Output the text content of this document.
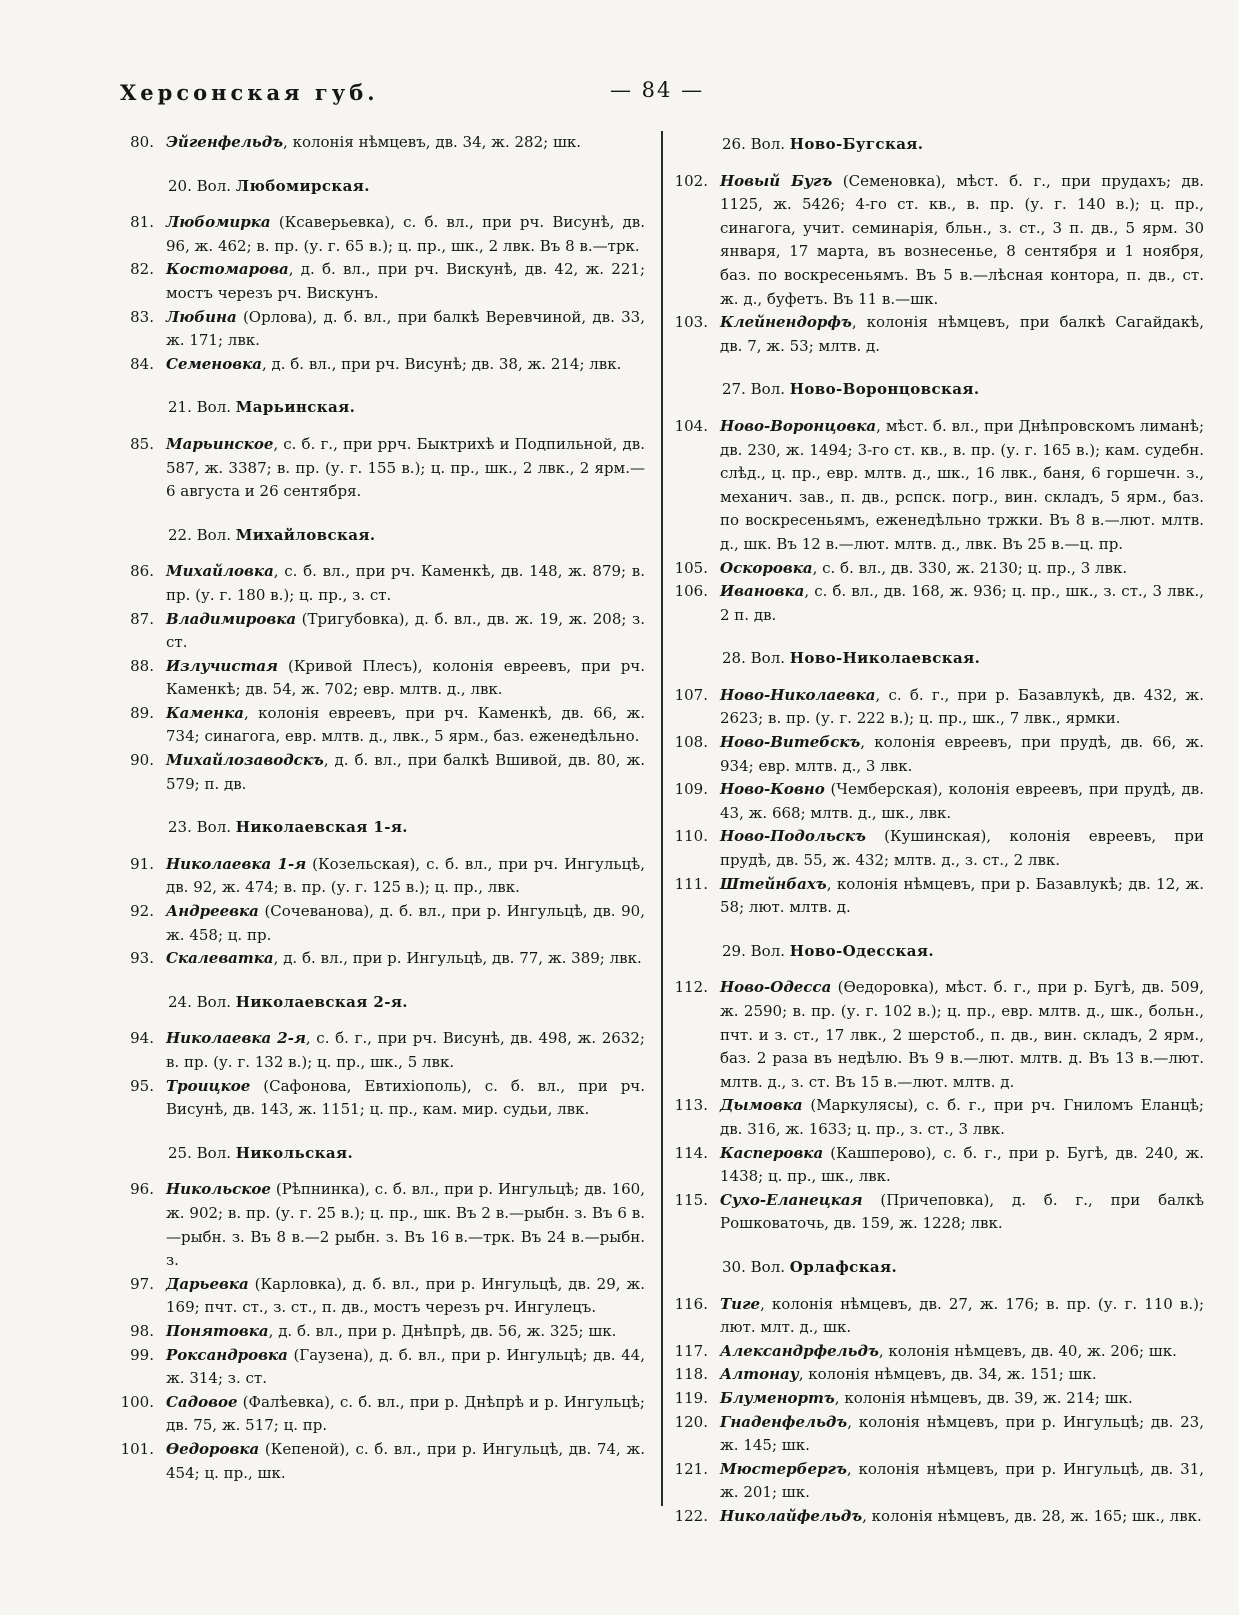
Херсонская губ.	— 84 —

80. Эйгенфельдъ, колонія нѣмцевъ, дв. 34, ж. 282; шк.

20. Вол. Любомирская.

81. Любомирка (Ксаверьевка), с. б. вл., при рч. Висунѣ, дв. 96, ж. 462; в. пр. (у. г. 65 в.); ц. пр., шк., 2 лвк. Въ 8 в.—трк.

82. Костомарова, д. б. вл., при рч. Вискунѣ, дв. 42, ж. 221; мостъ черезъ рч. Вискунъ.

83. Любина (Орлова), д. б. вл., при балкѣ Веревчиной, дв. 33, ж. 171; лвк.

84. Семеновка, д. б. вл., при рч. Висунѣ; дв. 38, ж. 214; лвк.

21. Вол. Марьинская.

85. Марьинское, с. б. г., при ррч. Быктрихѣ и Подпильной, дв. 587, ж. 3387; в. пр. (у. г. 155 в.); ц. пр., шк., 2 лвк., 2 ярм.—6 августа и 26 сентября.

22. Вол. Михайловская.

86. Михайловка, с. б. вл., при рч. Каменкѣ, дв. 148, ж. 879; в. пр. (у. г. 180 в.); ц. пр., з. ст.

87. Владимировка (Тригубовка), д. б. вл., дв. ж. 19, ж. 208; з. ст.

88. Излучистая (Кривой Плесъ), колонія евреевъ, при рч. Каменкѣ; дв. 54, ж. 702; евр. млтв. д., лвк.

89. Каменка, колонія евреевъ, при рч. Каменкѣ, дв. 66, ж. 734; синагога, евр. млтв. д., лвк., 5 ярм., баз. еженедѣльно.

90. Михайлозаводскъ, д. б. вл., при балкѣ Вшивой, дв. 80, ж. 579; п. дв.

23. Вол. Николаевская 1-я.

91. Николаевка 1-я (Козельская), с. б. вл., при рч. Ингульцѣ, дв. 92, ж. 474; в. пр. (у. г. 125 в.); ц. пр., лвк.

92. Андреевка (Сочеванова), д. б. вл., при р. Ингульцѣ, дв. 90, ж. 458; ц. пр.

93. Скалеватка, д. б. вл., при р. Ингульцѣ, дв. 77, ж. 389; лвк.

24. Вол. Николаевская 2-я.

94. Николаевка 2-я, с. б. г., при рч. Висунѣ, дв. 498, ж. 2632; в. пр. (у. г. 132 в.); ц. пр., шк., 5 лвк.

95. Троицкое (Сафонова, Евтихіополь), с. б. вл., при рч. Висунѣ, дв. 143, ж. 1151; ц. пр., кам. мир. судьи, лвк.

25. Вол. Никольская.

96. Никольское (Рѣпнинка), с. б. вл., при р. Ингульцѣ; дв. 160, ж. 902; в. пр. (у. г. 25 в.); ц. пр., шк. Въ 2 в.—рыбн. з. Въ 6 в.—рыбн. з. Въ 8 в.—2 рыбн. з. Въ 16 в.—трк. Въ 24 в.—рыбн. з.

97. Дарьевка (Карловка), д. б. вл., при р. Ингульцѣ, дв. 29, ж. 169; пчт. ст., з. ст., п. дв., мостъ черезъ рч. Ингулецъ.

98. Понятовка, д. б. вл., при р. Днѣпрѣ, дв. 56, ж. 325; шк.

99. Роксандровка (Гаузена), д. б. вл., при р. Ингульцѣ; дв. 44, ж. 314; з. ст.

100. Садовое (Фалѣевка), с. б. вл., при р. Днѣпрѣ и р. Ингульцѣ; дв. 75, ж. 517; ц. пр.

101. Ѳедоровка (Кепеной), с. б. вл., при р. Ингульцѣ, дв. 74, ж. 454; ц. пр., шк.

26. Вол. Ново-Бугская.

102. Новый Бугъ (Семеновка), мѣст. б. г., при прудахъ; дв. 1125, ж. 5426; 4-го ст. кв., в. пр. (у. г. 140 в.); ц. пр., синагога, учит. семинарія, бльн., з. ст., 3 п. дв., 5 ярм. 30 января, 17 марта, въ вознесенье, 8 сентября и 1 ноября, баз. по воскресеньямъ. Въ 5 в.—лѣсная контора, п. дв., ст. ж. д., буфетъ. Въ 11 в.—шк.

103. Клейнендорфъ, колонія нѣмцевъ, при балкѣ Сагайдакѣ, дв. 7, ж. 53; млтв. д.

27. Вол. Ново-Воронцовская.

104. Ново-Воронцовка, мѣст. б. вл., при Днѣпровскомъ лиманѣ; дв. 230, ж. 1494; 3-го ст. кв., в. пр. (у. г. 165 в.); кам. судебн. слѣд., ц. пр., евр. млтв. д., шк., 16 лвк., баня, 6 горшечн. з., механич. зав., п. дв., рспск. погр., вин. складъ, 5 ярм., баз. по воскресеньямъ, еженедѣльно тржки. Въ 8 в.—лют. млтв. д., шк. Въ 12 в.—лют. млтв. д., лвк. Въ 25 в.—ц. пр.

105. Оскоровка, с. б. вл., дв. 330, ж. 2130; ц. пр., 3 лвк.

106. Ивановка, с. б. вл., дв. 168, ж. 936; ц. пр., шк., з. ст., 3 лвк., 2 п. дв.

28. Вол. Ново-Николаевская.

107. Ново-Николаевка, с. б. г., при р. Базавлукѣ, дв. 432, ж. 2623; в. пр. (у. г. 222 в.); ц. пр., шк., 7 лвк., ярмки.

108. Ново-Витебскъ, колонія евреевъ, при прудѣ, дв. 66, ж. 934; евр. млтв. д., 3 лвк.

109. Ново-Ковно (Чемберская), колонія евреевъ, при прудѣ, дв. 43, ж. 668; млтв. д., шк., лвк.

110. Ново-Подольскъ (Кушинская), колонія евреевъ, при прудѣ, дв. 55, ж. 432; млтв. д., з. ст., 2 лвк.

111. Штейнбахъ, колонія нѣмцевъ, при р. Базавлукѣ; дв. 12, ж. 58; лют. млтв. д.

29. Вол. Ново-Одесская.

112. Ново-Одесса (Ѳедоровка), мѣст. б. г., при р. Бугѣ, дв. 509, ж. 2590; в. пр. (у. г. 102 в.); ц. пр., евр. млтв. д., шк., больн., пчт. и з. ст., 17 лвк., 2 шерстоб., п. дв., вин. складъ, 2 ярм., баз. 2 раза въ недѣлю. Въ 9 в.—лют. млтв. д. Въ 13 в.—лют. млтв. д., з. ст. Въ 15 в.—лют. млтв. д.

113. Дымовка (Маркулясы), с. б. г., при рч. Гниломъ Еланцѣ; дв. 316, ж. 1633; ц. пр., з. ст., 3 лвк.

114. Касперовка (Кашперово), с. б. г., при р. Бугѣ, дв. 240, ж. 1438; ц. пр., шк., лвк.

115. Сухо-Еланецкая (Причеповка), д. б. г., при балкѣ Рошковаточь, дв. 159, ж. 1228; лвк.

30. Вол. Орлафская.

116. Тиге, колонія нѣмцевъ, дв. 27, ж. 176; в. пр. (у. г. 110 в.); лют. млт. д., шк.

117. Александрфельдъ, колонія нѣмцевъ, дв. 40, ж. 206; шк.

118. Алтонау, колонія нѣмцевъ, дв. 34, ж. 151; шк.

119. Блуменортъ, колонія нѣмцевъ, дв. 39, ж. 214; шк.

120. Гнаденфельдъ, колонія нѣмцевъ, при р. Ингульцѣ; дв. 23, ж. 145; шк.

121. Мюстербергъ, колонія нѣмцевъ, при р. Ингульцѣ, дв. 31, ж. 201; шк.

122. Николайфельдъ, колонія нѣмцевъ, дв. 28, ж. 165; шк., лвк.
